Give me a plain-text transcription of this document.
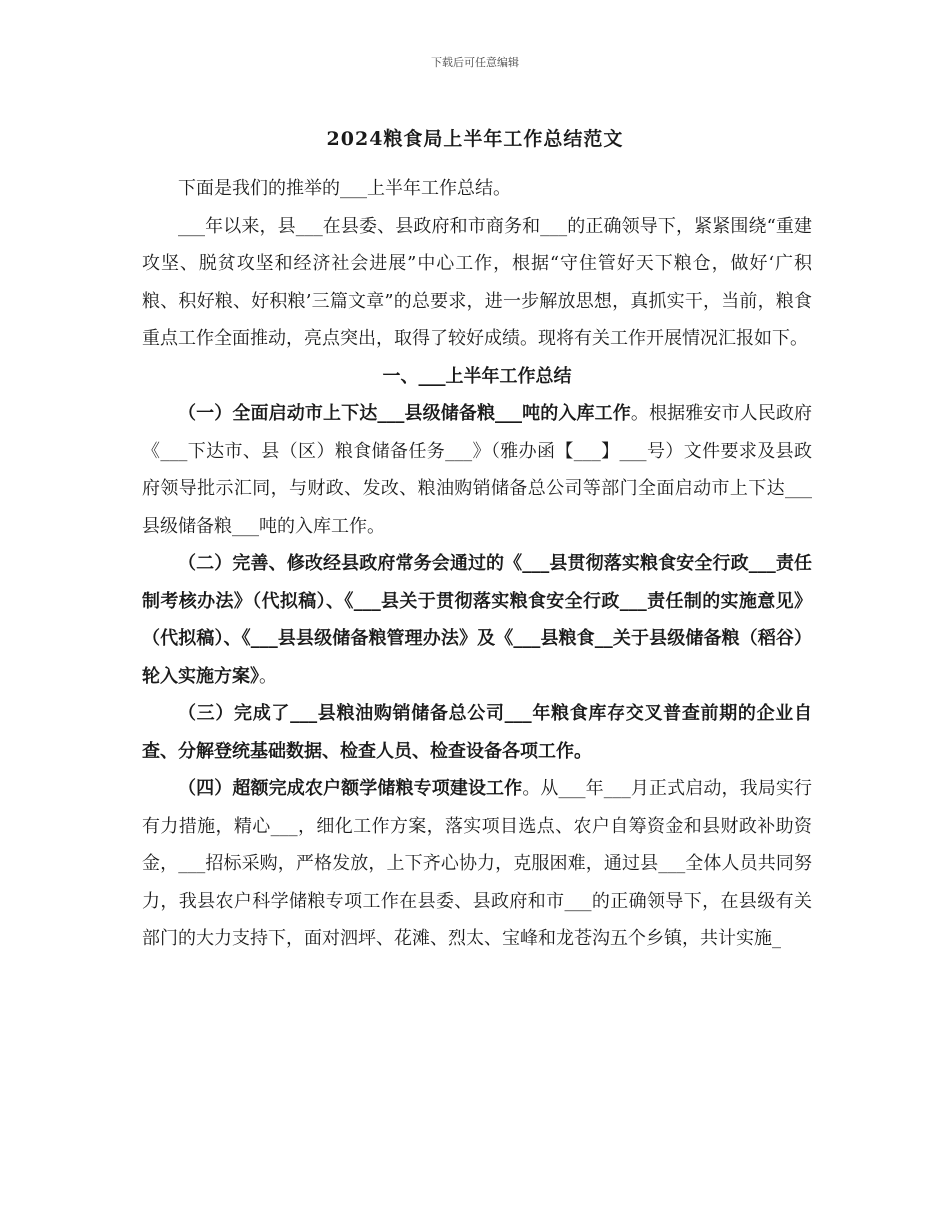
下载后可任意编辑
2024粮食局上半年工作总结范文

下面是我们的推举的___上半年工作总结。

___年以来，县___在县委、县政府和市商务和___的正确领导下，紧紧围绕“重建攻坚、脱贫攻坚和经济社会进展”中心工作，根据“守住管好天下粮仓，做好‘广积粮、积好粮、好积粮’三篇文章”的总要求，进一步解放思想，真抓实干，当前，粮食重点工作全面推动，亮点突出，取得了较好成绩。现将有关工作开展情况汇报如下。

一、___上半年工作总结

（一）全面启动市上下达___县级储备粮___吨的入库工作。根据雅安市人民政府《___下达市、县（区）粮食储备任务___》（雅办函【___】___号）文件要求及县政府领导批示汇同，与财政、发改、粮油购销储备总公司等部门全面启动市上下达___县级储备粮___吨的入库工作。

（二）完善、修改经县政府常务会通过的《___县贯彻落实粮食安全行政___责任制考核办法》（代拟稿）、《___县关于贯彻落实粮食安全行政___责任制的实施意见》（代拟稿）、《___县县级储备粮管理办法》及《___县粮食__关于县级储备粮（稻谷）轮入实施方案》。

（三）完成了___县粮油购销储备总公司___年粮食库存交叉普查前期的企业自查、分解登统基础数据、检查人员、检查设备各项工作。

（四）超额完成农户额学储粮专项建设工作。从___年___月正式启动，我局实行有力措施，精心___，细化工作方案，落实项目选点、农户自筹资金和县财政补助资金，___招标采购，严格发放，上下齐心协力，克服困难，通过县___全体人员共同努力，我县农户科学储粮专项工作在县委、县政府和市___的正确领导下，在县级有关部门的大力支持下，面对泗坪、花滩、烈太、宝峰和龙苍沟五个乡镇，共计实施_
